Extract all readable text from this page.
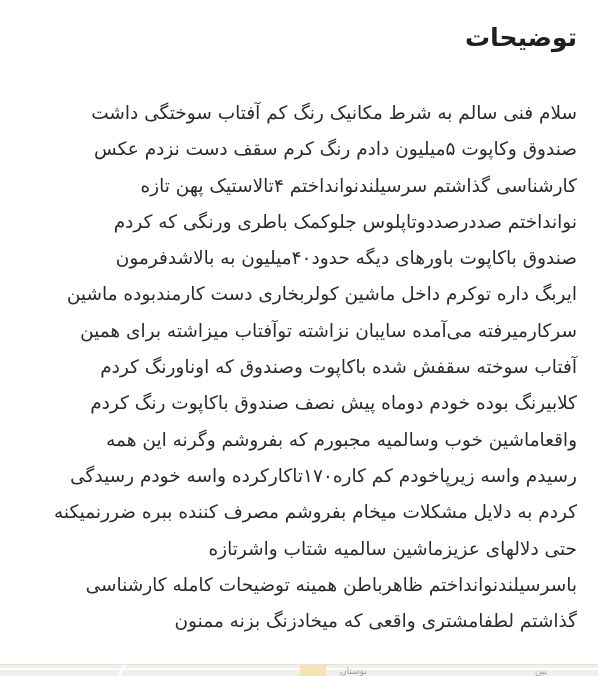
توضیحات
سلام فنی سالم به شرط مکانیک رنگ کم آفتاب سوختگی داشت
صندوق وکاپوت ۵میلیون دادم رنگ کرم سقف دست نزدم عکس
کارشناسی گذاشتم سرسیلندنوانداختم ۴تالاستیک پهن تازه
نوانداختم صددرصددوتاپلوس جلوکمک باطری ورنگی که کردم
صندوق باکاپوت باورهای دیگه حدود۴۰میلیون به بالاشدفرمون
ایربگ داره توکرم داخل ماشین کولربخاری دست کارمندبوده ماشین
سرکارمیرفته می‌آمده سایبان نزاشته توآفتاب میزاشته برای همین
آفتاب سوخته سقفش شده باکاپوت وصندوق که اوناورنگ کردم
کلابیرنگ بوده خودم دوماه پیش نصف صندوق باکاپوت رنگ کردم
واقعاماشین خوب وسالمیه مجبورم که بفروشم وگرنه این همه
رسیدم واسه زیرپاخودم کم کاره۱۷۰تاکارکرده واسه خودم رسیدگی
کردم به دلایل مشکلات میخام بفروشم مصرف کننده ببره ضررنمیکنه
حتی دلالهای عزیزماشین سالمیه شتاب واشرتازه
باسرسیلندنوانداختم ظاهرباطن همینه توضیحات کامله کارشناسی
گذاشتم لطفامشتری واقعی که میخادزنگ بزنه ممنون
بوستان	بين
